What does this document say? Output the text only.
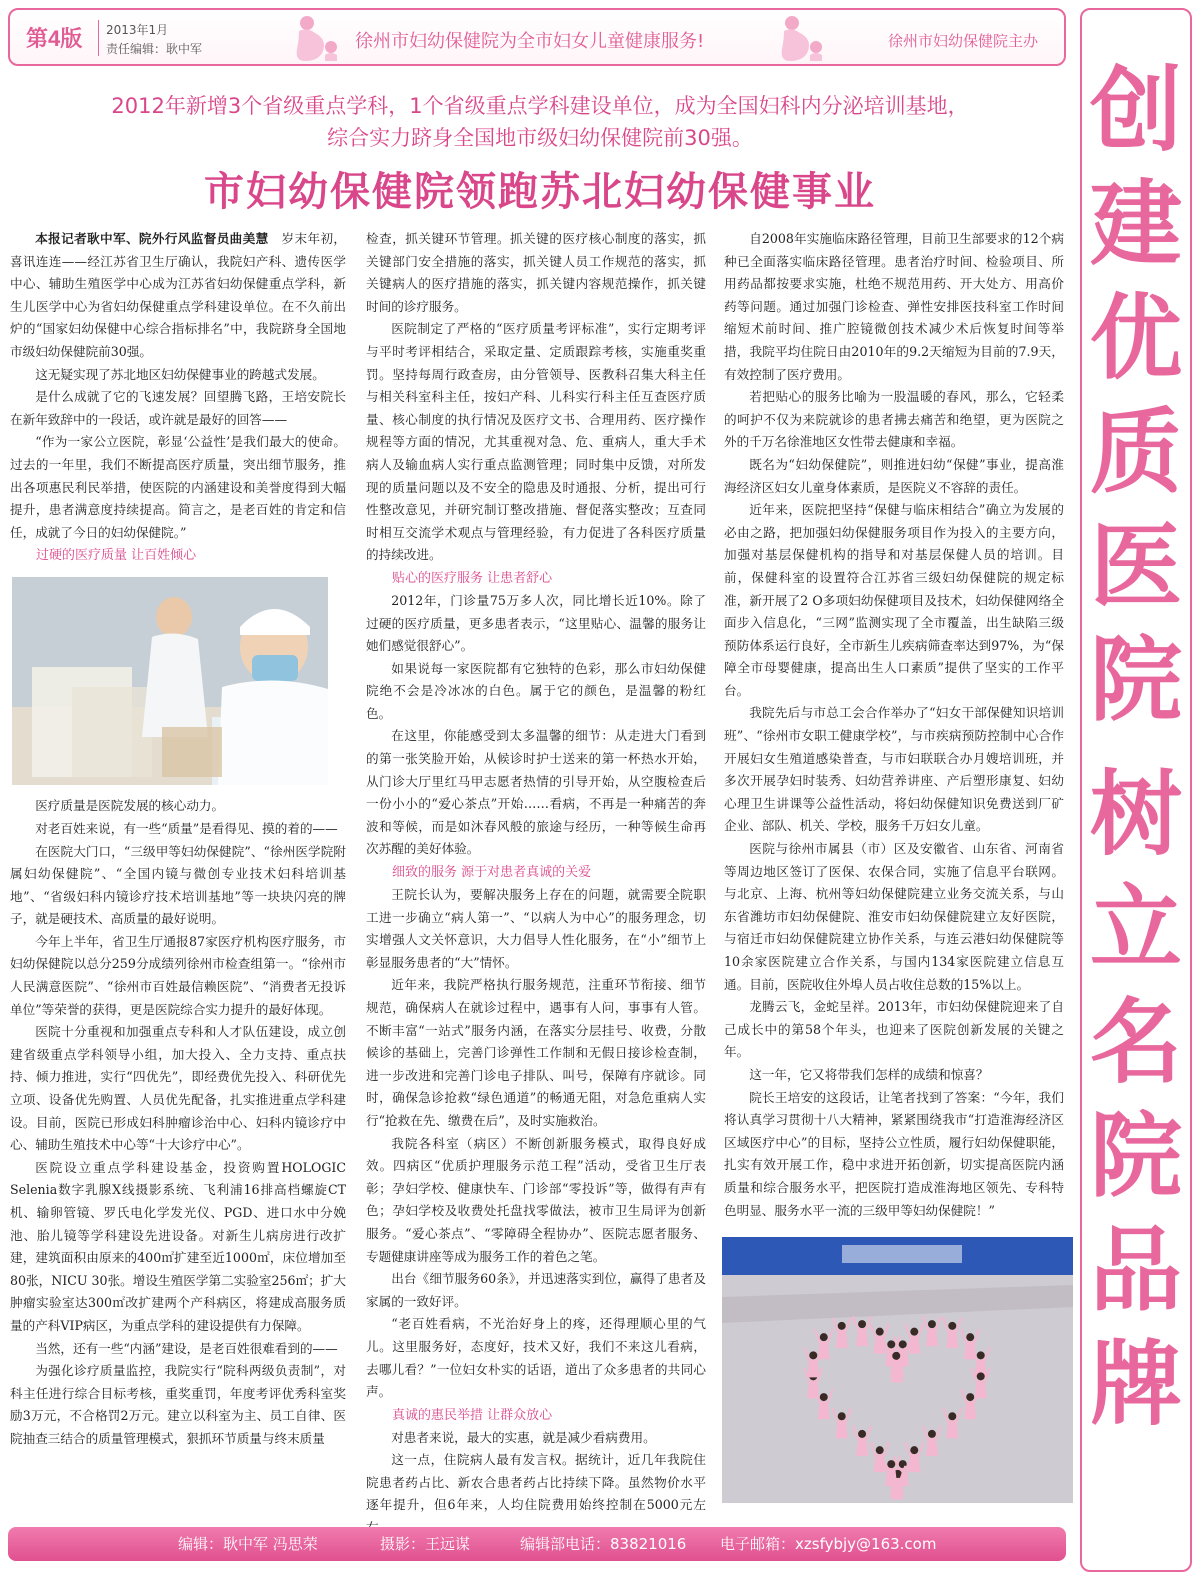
第4版 2013年1月
责任编辑：耿中军	徐州市妇幼保健院为全市妇女儿童健康服务!	徐州市妇幼保健院主办
创
建
优
质
医
院
树
立
名
院
品
牌
2012年新增3个省级重点学科，1个省级重点学科建设单位，成为全国妇科内分泌培训基地，
综合实力跻身全国地市级妇幼保健院前30强。
市妇幼保健院领跑苏北妇幼保健事业

本报记者耿中军、院外行风监督员曲美慧　 岁末年初，喜讯连连——经江苏省卫生厅确认，我院妇产科、遗传医学中心、辅助生殖医学中心成为江苏省妇幼保健重点学科，新生儿医学中心为省妇幼保健重点学科建设单位。在不久前出炉的“国家妇幼保健中心综合指标排名”中，我院跻身全国地市级妇幼保健院前30强。

这无疑实现了苏北地区妇幼保健事业的跨越式发展。

是什么成就了它的飞速发展？回望腾飞路，王培安院长在新年致辞中的一段话，或许就是最好的回答——

“作为一家公立医院，彰显‘公益性’是我们最大的使命。过去的一年里，我们不断提高医疗质量，突出细节服务，推出各项惠民利民举措，使医院的内涵建设和美誉度得到大幅提升，患者满意度持续提高。简言之，是老百姓的肯定和信任，成就了今日的妇幼保健院。”

过硬的医疗质量 让百姓倾心

医疗质量是医院发展的核心动力。

对老百姓来说，有一些“质量”是看得见、摸的着的——

在医院大门口，“三级甲等妇幼保健院”、“徐州医学院附属妇幼保健院”、“全国内镜与微创专业技术妇科培训基地”、“省级妇科内镜诊疗技术培训基地”等一块块闪亮的牌子，就是硬技术、高质量的最好说明。

今年上半年，省卫生厅通报87家医疗机构医疗服务，市妇幼保健院以总分259分成绩列徐州市检查组第一。“徐州市人民满意医院”、“徐州市百姓最信赖医院”、“消费者无投诉单位”等荣誉的获得，更是医院综合实力提升的最好体现。

医院十分重视和加强重点专科和人才队伍建设，成立创建省级重点学科领导小组，加大投入、全力支持、重点扶持、倾力推进，实行“四优先”，即经费优先投入、科研优先立项、设备优先购置、人员优先配备，扎实推进重点学科建设。目前，医院已形成妇科肿瘤诊治中心、妇科内镜诊疗中心、辅助生殖技术中心等“十大诊疗中心”。

医院设立重点学科建设基金，投资购置HOLOGIC Selenia数字乳腺X线摄影系统、飞利浦16排高档螺旋CT机、输卵管镜、罗氏电化学发光仪、PGD、进口水中分娩池、胎儿镜等学科建设先进设备。对新生儿病房进行改扩建，建筑面积由原来的400㎡扩建至近1000㎡，床位增加至80张，NICU 30张。增设生殖医学第二实验室256㎡；扩大肿瘤实验室达300㎡改扩建两个产科病区，将建成高服务质量的产科VIP病区，为重点学科的建设提供有力保障。

当然，还有一些“内涵”建设，是老百姓很难看到的——

为强化诊疗质量监控，我院实行“院科两级负责制”，对科主任进行综合目标考核，重奖重罚，年度考评优秀科室奖励3万元，不合格罚2万元。建立以科室为主、员工自律、医院抽查三结合的质量管理模式，狠抓环节质量与终末质量

检查，抓关键环节管理。抓关键的医疗核心制度的落实，抓关键部门安全措施的落实，抓关键人员工作规范的落实，抓关键病人的医疗措施的落实，抓关键内容规范操作，抓关键时间的诊疗服务。

医院制定了严格的“医疗质量考评标准”，实行定期考评与平时考评相结合，采取定量、定质跟踪考核，实施重奖重罚。坚持每周行政查房，由分管领导、医教科召集大科主任与相关科室科主任，按妇产科、儿科实行科主任互查医疗质量、核心制度的执行情况及医疗文书、合理用药、医疗操作规程等方面的情况，尤其重视对急、危、重病人，重大手术病人及输血病人实行重点监测管理；同时集中反馈，对所发现的质量问题以及不安全的隐患及时通报、分析，提出可行性整改意见，并研究制订整改措施、督促落实整改；互查同时相互交流学术观点与管理经验，有力促进了各科医疗质量的持续改进。

贴心的医疗服务 让患者舒心

2012年，门诊量75万多人次，同比增长近10%。除了过硬的医疗质量，更多患者表示，“这里贴心、温馨的服务让她们感觉很舒心”。

如果说每一家医院都有它独特的色彩，那么市妇幼保健院绝不会是冷冰冰的白色。属于它的颜色，是温馨的粉红色。

在这里，你能感受到太多温馨的细节：从走进大门看到的第一张笑脸开始，从候诊时护士送来的第一杯热水开始，从门诊大厅里红马甲志愿者热情的引导开始，从空腹检查后一份小小的“爱心茶点”开始……看病，不再是一种痛苦的奔波和等候，而是如沐春风般的旅途与经历，一种等候生命再次苏醒的美好体验。

细致的服务 源于对患者真诚的关爱

王院长认为，要解决服务上存在的问题，就需要全院职工进一步确立“病人第一”、“以病人为中心”的服务理念，切实增强人文关怀意识，大力倡导人性化服务，在“小”细节上彰显服务患者的“大”情怀。

近年来，我院严格执行服务规范，注重环节衔接、细节规范，确保病人在就诊过程中，遇事有人问，事事有人管。不断丰富“一站式”服务内涵，在落实分层挂号、收费，分散候诊的基础上，完善门诊弹性工作制和无假日接诊检查制，进一步改进和完善门诊电子排队、叫号，保障有序就诊。同时，确保急诊抢救“绿色通道”的畅通无阻，对急危重病人实行“抢救在先、缴费在后”，及时实施救治。

我院各科室（病区）不断创新服务模式，取得良好成效。四病区“优质护理服务示范工程”活动，受省卫生厅表彰；孕妇学校、健康快车、门诊部“零投诉”等，做得有声有色；孕妇学校及收费处托盘找零做法，被市卫生局评为创新服务。“爱心茶点”、“零障碍全程协办”、医院志愿者服务、专题健康讲座等成为服务工作的着色之笔。

出台《细节服务60条》，并迅速落实到位，赢得了患者及家属的一致好评。

“老百姓看病，不光治好身上的疼，还得理顺心里的气儿。这里服务好，态度好，技术又好，我们不来这儿看病，去哪儿看？”一位妇女朴实的话语，道出了众多患者的共同心声。

真诚的惠民举措 让群众放心

对患者来说，最大的实惠，就是减少看病费用。

这一点，住院病人最有发言权。据统计，近几年我院住院患者药占比、新农合患者药占比持续下降。虽然物价水平逐年提升，但6年来，人均住院费用始终控制在5000元左

自2008年实施临床路径管理，目前卫生部要求的12个病种已全面落实临床路径管理。患者治疗时间、检验项目、所用药品都按要求实施，杜绝不规范用药、开大处方、用高价药等问题。通过加强门诊检查、弹性安排医技科室工作时间缩短术前时间、推广腔镜微创技术减少术后恢复时间等举措，我院平均住院日由2010年的9.2天缩短为目前的7.9天，有效控制了医疗费用。

若把贴心的服务比喻为一股温暖的春风，那么，它轻柔的呵护不仅为来院就诊的患者拂去痛苦和绝望，更为医院之外的千万名徐淮地区女性带去健康和幸福。

既名为“妇幼保健院”，则推进妇幼“保健”事业，提高淮海经济区妇女儿童身体素质，是医院义不容辞的责任。

近年来，医院把坚持“保健与临床相结合”确立为发展的必由之路，把加强妇幼保健服务项目作为投入的主要方向，加强对基层保健机构的指导和对基层保健人员的培训。目前，保健科室的设置符合江苏省三级妇幼保健院的规定标准，新开展了2 O多项妇幼保健项目及技术，妇幼保健网络全面步入信息化，“三网”监测实现了全市覆盖，出生缺陷三级预防体系运行良好，全市新生儿疾病筛查率达到97%，为“保障全市母婴健康，提高出生人口素质”提供了坚实的工作平台。

我院先后与市总工会合作举办了“妇女干部保健知识培训班”、“徐州市女职工健康学校”，与市疾病预防控制中心合作开展妇女生殖道感染普查，与市妇联联合办月嫂培训班，并多次开展孕妇时装秀、妇幼营养讲座、产后塑形康复、妇幼心理卫生讲课等公益性活动，将妇幼保健知识免费送到厂矿企业、部队、机关、学校，服务千万妇女儿童。

医院与徐州市属县（市）区及安徽省、山东省、河南省等周边地区签订了医保、农保合同，实施了信息平台联网。与北京、上海、杭州等妇幼保健院建立业务交流关系，与山东省潍坊市妇幼保健院、淮安市妇幼保健院建立友好医院，与宿迁市妇幼保健院建立协作关系，与连云港妇幼保健院等10余家医院建立合作关系，与国内134家医院建立信息互通。目前，医院收住外埠人员占收住总数的15%以上。

龙腾云飞，金蛇呈祥。2013年，市妇幼保健院迎来了自己成长中的第58个年头，也迎来了医院创新发展的关键之年。

这一年，它又将带我们怎样的成绩和惊喜？

院长王培安的这段话，让笔者找到了答案：“今年，我们将认真学习贯彻十八大精神，紧紧围绕我市“打造淮海经济区区域医疗中心”的目标，坚持公立性质，履行妇幼保健职能，扎实有效开展工作，稳中求进开拓创新，切实提高医院内涵质量和综合服务水平，把医院打造成淮海地区领先、专科特色明显、服务水平一流的三级甲等妇幼保健院！”

编辑：耿中军 冯思荣	摄影：王远谋	编辑部电话：83821016 电子邮箱：xzsfybjy@163.com
